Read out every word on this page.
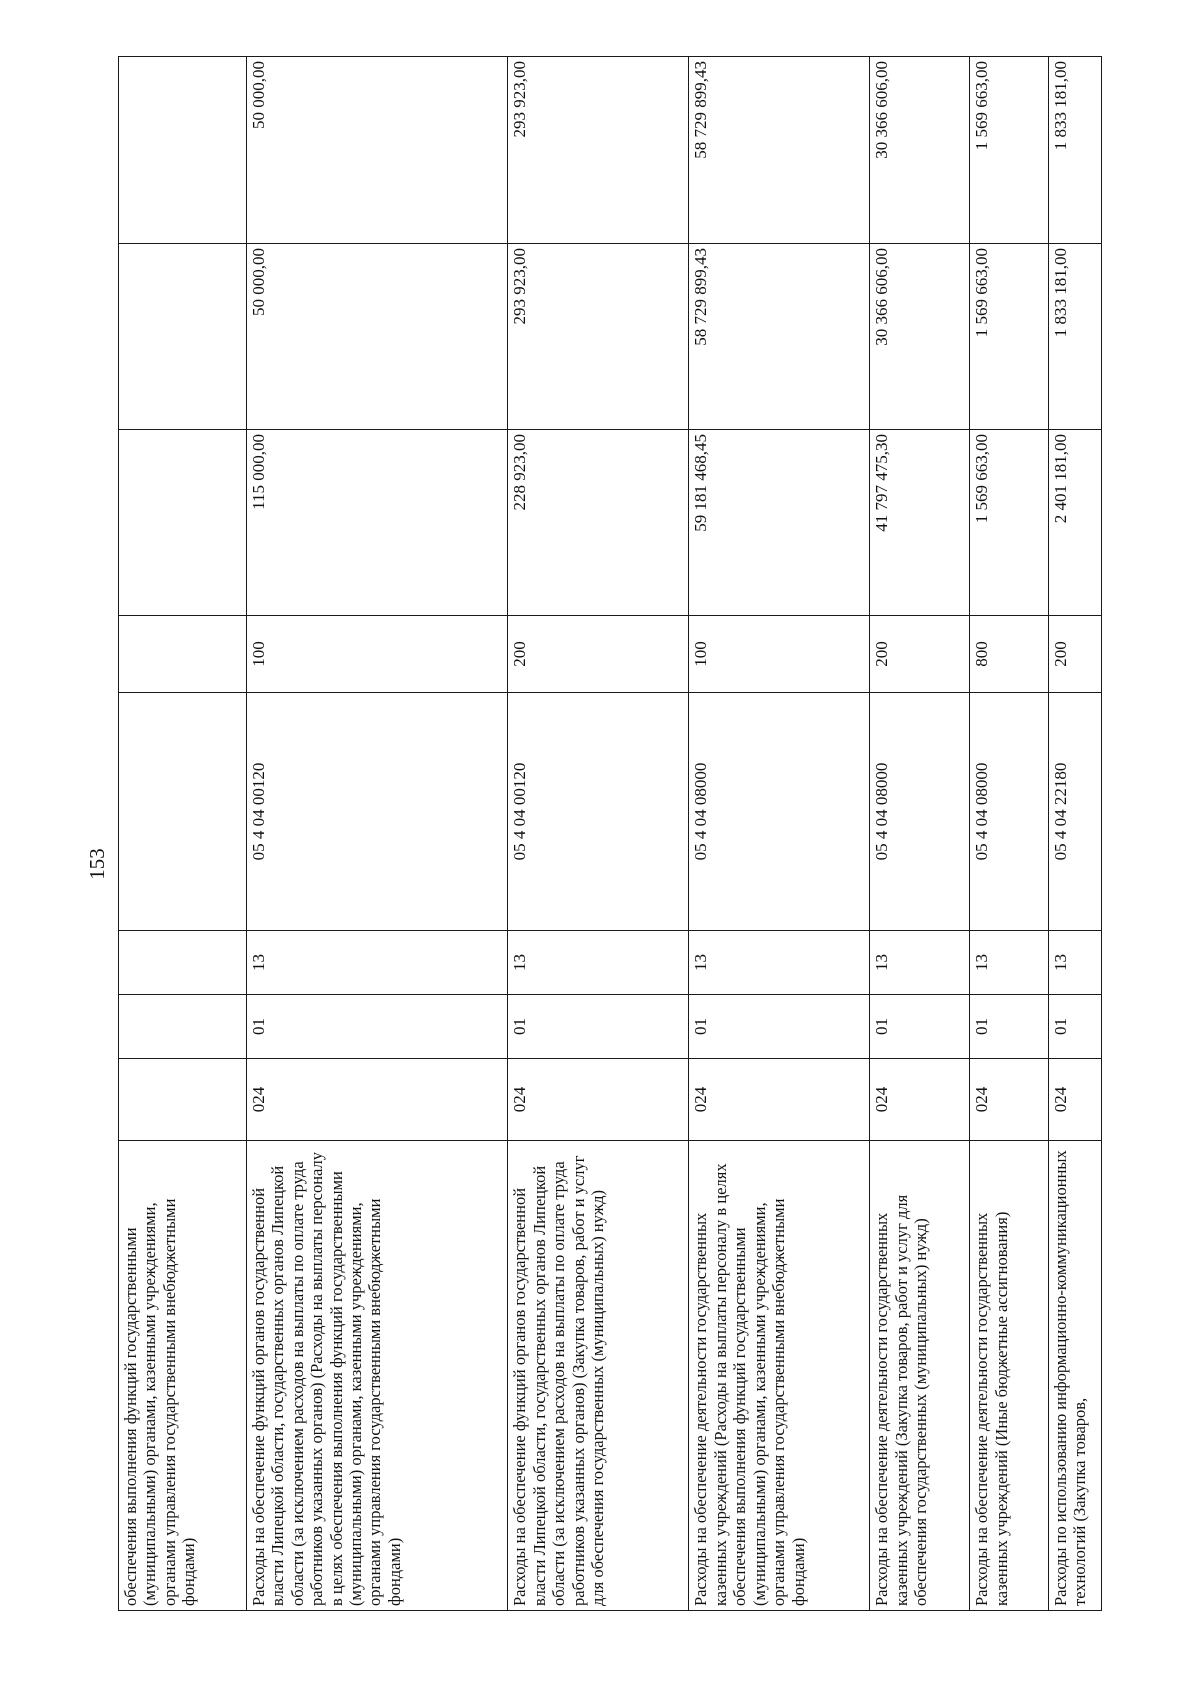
153
обеспечения выполнения функций государственными (муниципальными) органами, казенными учреждениями, органами управления государственными внебюджетными фондами)								
Расходы на обеспечение функций органов государственной власти Липецкой области, государственных органов Липецкой области (за исключением расходов на выплаты по оплате труда работников указанных органов) (Расходы на выплаты персоналу в целях обеспечения выполнения функций государственными (муниципальными) органами, казенными учреждениями, органами управления государственными внебюджетными фондами)	024	01	13	05 4 04 00120	100	115 000,00	50 000,00	50 000,00
Расходы на обеспечение функций органов государственной власти Липецкой области, государственных органов Липецкой области (за исключением расходов на выплаты по оплате труда работников указанных органов) (Закупка товаров, работ и услуг для обеспечения государственных (муниципальных) нужд)	024	01	13	05 4 04 00120	200	228 923,00	293 923,00	293 923,00
Расходы на обеспечение деятельности государственных казенных учреждений (Расходы на выплаты персоналу в целях обеспечения выполнения функций государственными (муниципальными) органами, казенными учреждениями, органами управления государственными внебюджетными фондами)	024	01	13	05 4 04 08000	100	59 181 468,45	58 729 899,43	58 729 899,43
Расходы на обеспечение деятельности государственных казенных учреждений (Закупка товаров, работ и услуг для обеспечения государственных (муниципальных) нужд)	024	01	13	05 4 04 08000	200	41 797 475,30	30 366 606,00	30 366 606,00
Расходы на обеспечение деятельности государственных казенных учреждений (Иные бюджетные ассигнования)	024	01	13	05 4 04 08000	800	1 569 663,00	1 569 663,00	1 569 663,00
Расходы по использованию информационно-коммуникационных технологий (Закупка товаров,	024	01	13	05 4 04 22180	200	2 401 181,00	1 833 181,00	1 833 181,00
